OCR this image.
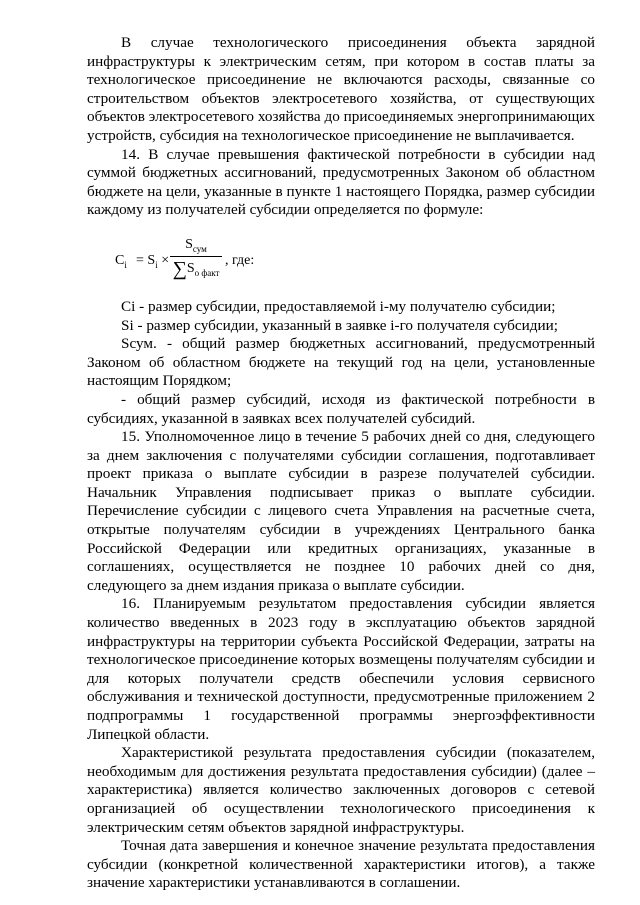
В случае технологического присоединения объекта зарядной инфраструктуры к электрическим сетям, при котором в состав платы за технологическое присоединение не включаются расходы, связанные со строительством объектов электросетевого хозяйства, от существующих объектов электросетевого хозяйства до присоединяемых энергопринимающих устройств, субсидия на технологическое присоединение не выплачивается.

14. В случае превышения фактической потребности в субсидии над суммой бюджетных ассигнований, предусмотренных Законом об областном бюджете на цели, указанные в пункте 1 настоящего Порядка, размер субсидии каждому из получателей субсидии определяется по формуле:

$C_i = S_i$ ×
$S_{сум}$
$\sum S_{о факт}$
, где:

Ci - размер субсидии, предоставляемой i-му получателю субсидии;

Si - размер субсидии, указанный в заявке i-го получателя субсидии;

Sсум. - общий размер бюджетных ассигнований, предусмотренный Законом об областном бюджете на текущий год на цели, установленные настоящим Порядком;

- общий размер субсидий, исходя из фактической потребности в субсидиях, указанной в заявках всех получателей субсидий.

15. Уполномоченное лицо в течение 5 рабочих дней со дня, следующего за днем заключения с получателями субсидии соглашения, подготавливает проект приказа о выплате субсидии в разрезе получателей субсидии. Начальник Управления подписывает приказ о выплате субсидии. Перечисление субсидии с лицевого счета Управления на расчетные счета, открытые получателям субсидии в учреждениях Центрального банка Российской Федерации или кредитных организациях, указанные в соглашениях, осуществляется не позднее 10 рабочих дней со дня, следующего за днем издания приказа о выплате субсидии.

16. Планируемым результатом предоставления субсидии является количество введенных в 2023 году в эксплуатацию объектов зарядной инфраструктуры на территории субъекта Российской Федерации, затраты на технологическое присоединение которых возмещены получателям субсидии и для которых получатели средств обеспечили условия сервисного обслуживания и технической доступности, предусмотренные приложением 2 подпрограммы 1 государственной программы энергоэффективности Липецкой области.

Характеристикой результата предоставления субсидии (показателем, необходимым для достижения результата предоставления субсидии) (далее – характеристика) является количество заключенных договоров с сетевой организацией об осуществлении технологического присоединения к электрическим сетям объектов зарядной инфраструктуры.

Точная дата завершения и конечное значение результата предоставления субсидии (конкретной количественной характеристики итогов), а также значение характеристики устанавливаются в соглашении.
